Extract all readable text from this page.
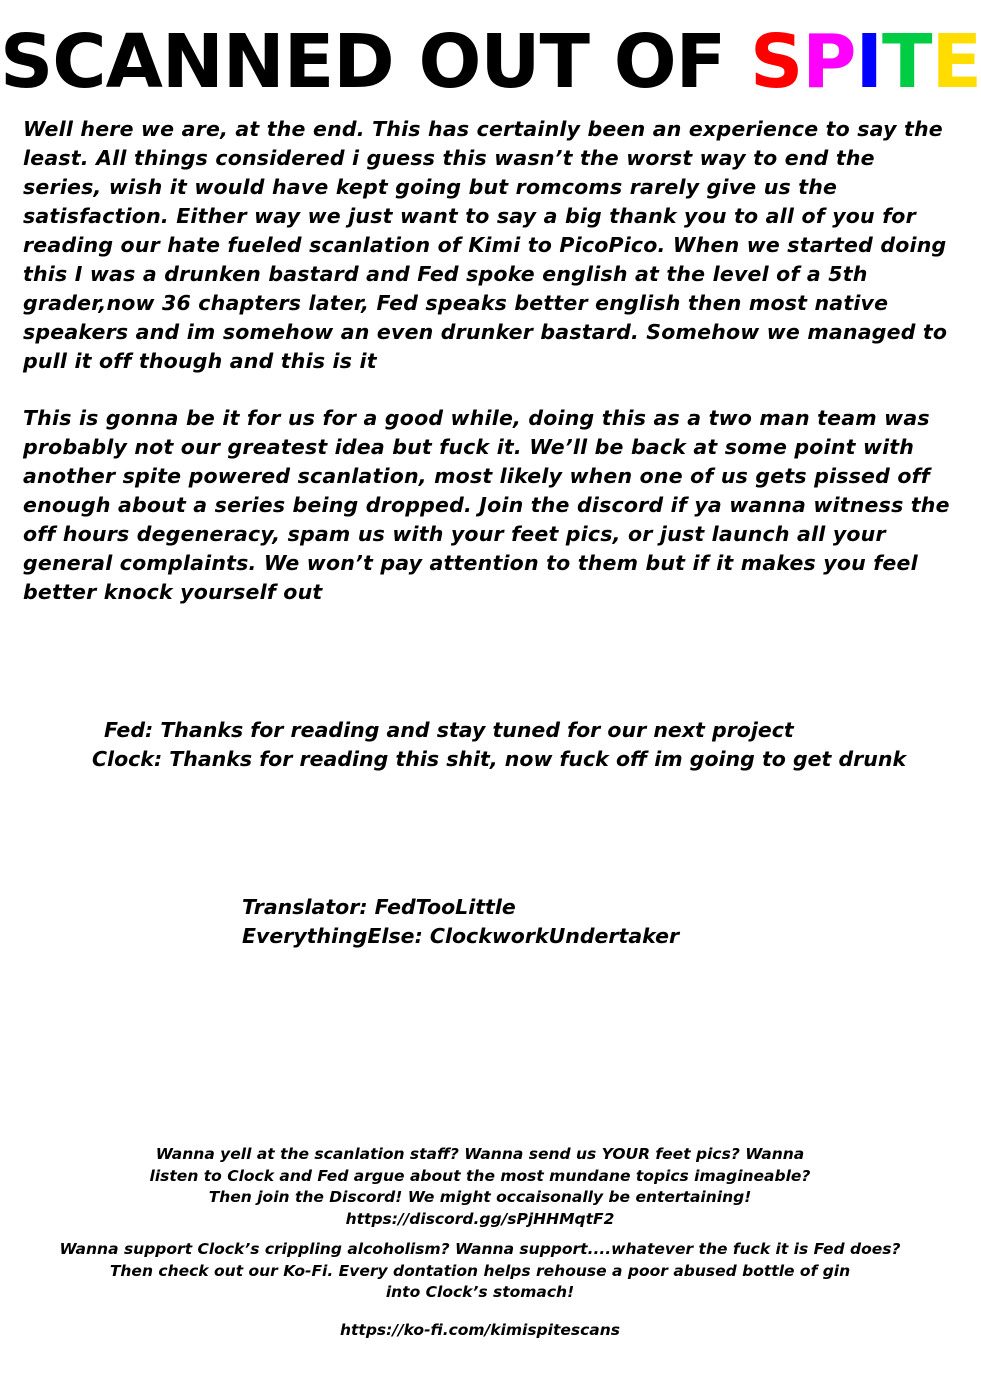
SCANNED OUT OF SPITE
Well here we are, at the end. This has certainly been an experience to say the least. All things considered i guess this wasn’t the worst way to end the series, wish it would have kept going but romcoms rarely give us the satisfaction. Either way we just want to say a big thank you to all of you for reading our hate fueled scanlation of Kimi to PicoPico. When we started doing this I was a drunken bastard and Fed spoke english at the level of a 5th grader,now 36 chapters later, Fed speaks better english then most native speakers and im somehow an even drunker bastard. Somehow we managed to pull it off though and this is it
This is gonna be it for us for a good while, doing this as a two man team was probably not our greatest idea but fuck it. We’ll be back at some point with another spite powered scanlation, most likely when one of us gets pissed off enough about a series being dropped. Join the discord if ya wanna witness the off hours degeneracy, spam us with your feet pics, or just launch all your general complaints. We won’t pay attention to them but if it makes you feel better knock yourself out
Fed: Thanks for reading and stay tuned for our next project
Clock: Thanks for reading this shit, now fuck off im going to get drunk
Translator: FedTooLittle
EverythingElse: ClockworkUndertaker
Wanna yell at the scanlation staff? Wanna send us YOUR feet pics? Wanna
listen to Clock and Fed argue about the most mundane topics imagineable?
Then join the Discord! We might occaisonally be entertaining!
https://discord.gg/sPjHHMqtF2
Wanna support Clock’s crippling alcoholism? Wanna support....whatever the fuck it is Fed does?
Then check out our Ko-Fi. Every dontation helps rehouse a poor abused bottle of gin
into Clock’s stomach!
https://ko-fi.com/kimispitescans
